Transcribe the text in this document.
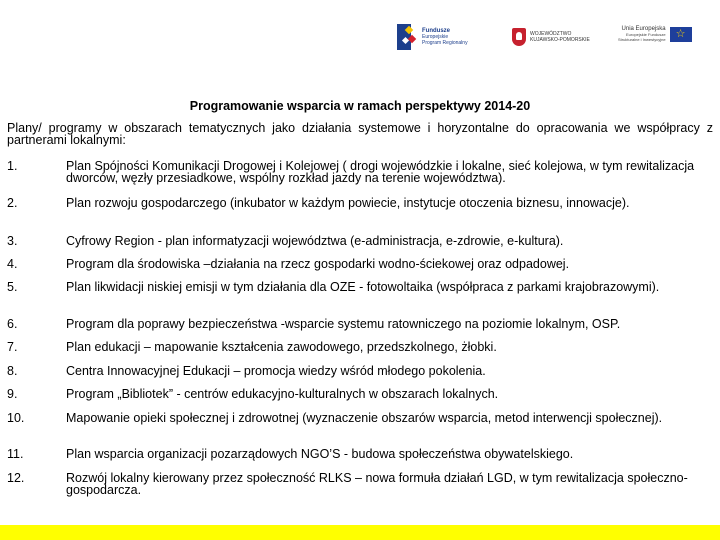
Fundusze
Europejskie
Program Regionalny
WOJEWÓDZTWO
KUJAWSKO-POMORSKIE
Unia Europejska
Europejskie Fundusze
Strukturalne i Inwestycyjne
☆
Programowanie wsparcia w ramach perspektywy 2014-20
Plany/ programy w obszarach tematycznych jako działania systemowe i horyzontalne do opracowania we współpracy z partnerami lokalnymi:
1.	Plan Spójności Komunikacji Drogowej i Kolejowej ( drogi wojewódzkie i lokalne, sieć kolejowa, w tym rewitalizacja dworców, węzły przesiadkowe, wspólny rozkład jazdy na terenie województwa).
2.	Plan rozwoju gospodarczego (inkubator w każdym powiecie, instytucje otoczenia biznesu, innowacje).
3.	Cyfrowy Region - plan informatyzacji województwa (e-administracja, e-zdrowie, e-kultura).
4.	Program dla środowiska –działania na rzecz gospodarki wodno-ściekowej oraz odpadowej.
5.	Plan likwidacji niskiej emisji w tym działania dla OZE - fotowoltaika (współpraca z parkami krajobrazowymi).
6.	Program dla poprawy bezpieczeństwa -wsparcie systemu ratowniczego na poziomie lokalnym, OSP.
7.	Plan edukacji – mapowanie kształcenia zawodowego, przedszkolnego, żłobki.
8.	Centra Innowacyjnej Edukacji – promocja wiedzy wśród młodego pokolenia.
9.	Program „Bibliotek” - centrów edukacyjno-kulturalnych w obszarach lokalnych.
10.	Mapowanie opieki społecznej i zdrowotnej (wyznaczenie obszarów wsparcia, metod interwencji społecznej).
11.	Plan wsparcia organizacji pozarządowych NGO’S - budowa społeczeństwa obywatelskiego.
12.	Rozwój lokalny kierowany przez społeczność RLKS – nowa formuła działań LGD, w tym rewitalizacja społeczno-gospodarcza.
